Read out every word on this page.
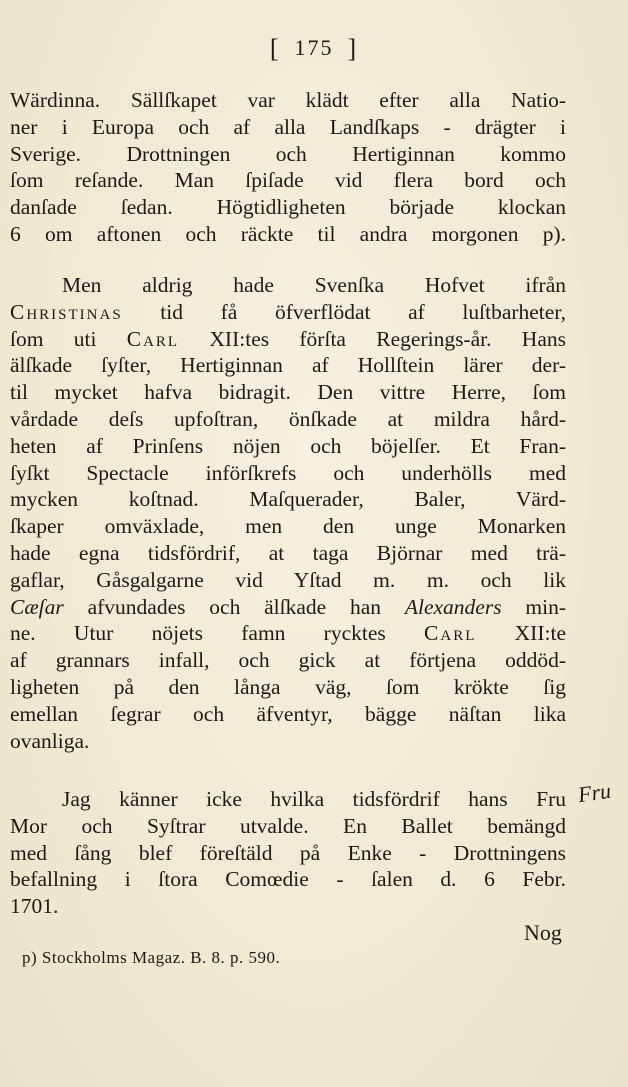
[ 175 ]
Wärdinna. Sällſkapet var klädt efter alla Natio-
ner i Europa och af alla Landſkaps - drägter i
Sverige. Drottningen och Hertiginnan kommo
ſom reſande. Man ſpiſade vid flera bord och
danſade ſedan. Högtidligheten började klockan
6 om aftonen och räckte til andra morgonen p).
Men aldrig hade Svenſka Hofvet ifrån
Christinas tid få öfverflödat af luſtbarheter,
ſom uti Carl XII:tes förſta Regerings-år. Hans
älſkade ſyſter, Hertiginnan af Hollſtein lärer der-
til mycket hafva bidragit. Den vittre Herre, ſom
vårdade deſs upfoſtran, önſkade at mildra hård-
heten af Prinſens nöjen och böjelſer. Et Fran-
ſyſkt Spectacle införſkrefs och underhölls med
mycken koſtnad. Maſquerader, Baler, Värd-
ſkaper omväxlade, men den unge Monarken
hade egna tidsfördrif, at taga Björnar med trä-
gaflar, Gåsgalgarne vid Yſtad m. m. och lik
Cæſar afvundades och älſkade han Alexanders min-
ne. Utur nöjets famn rycktes Carl XII:te
af grannars infall, och gick at förtjena oddöd-
ligheten på den långa väg, ſom krökte ſig
emellan ſegrar och äfventyr, bägge näſtan lika
ovanliga.
Jag känner icke hvilka tidsfördrif hans Fru
Mor och Syſtrar utvalde. En Ballet bemängd
med ſång blef föreſtäld på Enke - Drottningens
befallning i ſtora Comœdie - ſalen d. 6 Febr.
1701.
Fru
Nog
p) Stockholms Magaz. B. 8. p. 590.
